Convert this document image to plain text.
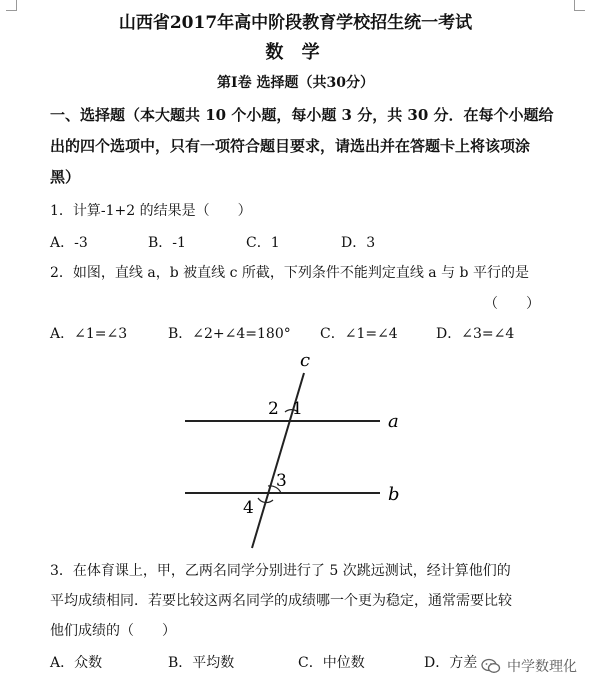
山西省2017年高中阶段教育学校招生统一考试
数 学
第Ⅰ卷 选择题（共30分）
一、选择题（本大题共 10 个小题，每小题 3 分，共 30 分．在每个小题给
出的四个选项中，只有一项符合题目要求，请选出并在答题卡上将该项涂
黑）
1．计算-1+2 的结果是（　　）
A．-3	B．-1	C．1	D．3
2．如图，直线 a，b 被直线 c 所截，下列条件不能判定直线 a 与 b 平行的是
（　　）
A．∠1=∠3	B．∠2+∠4=180° C．∠1=∠4	D．∠3=∠4
c
a
b
2 1
3
4
3．在体育课上，甲，乙两名同学分别进行了 5 次跳远测试，经计算他们的
平均成绩相同．若要比较这两名同学的成绩哪一个更为稳定，通常需要比较
他们成绩的（　　）
A．众数	B．平均数	C．中位数	D．方差 中学数理化
